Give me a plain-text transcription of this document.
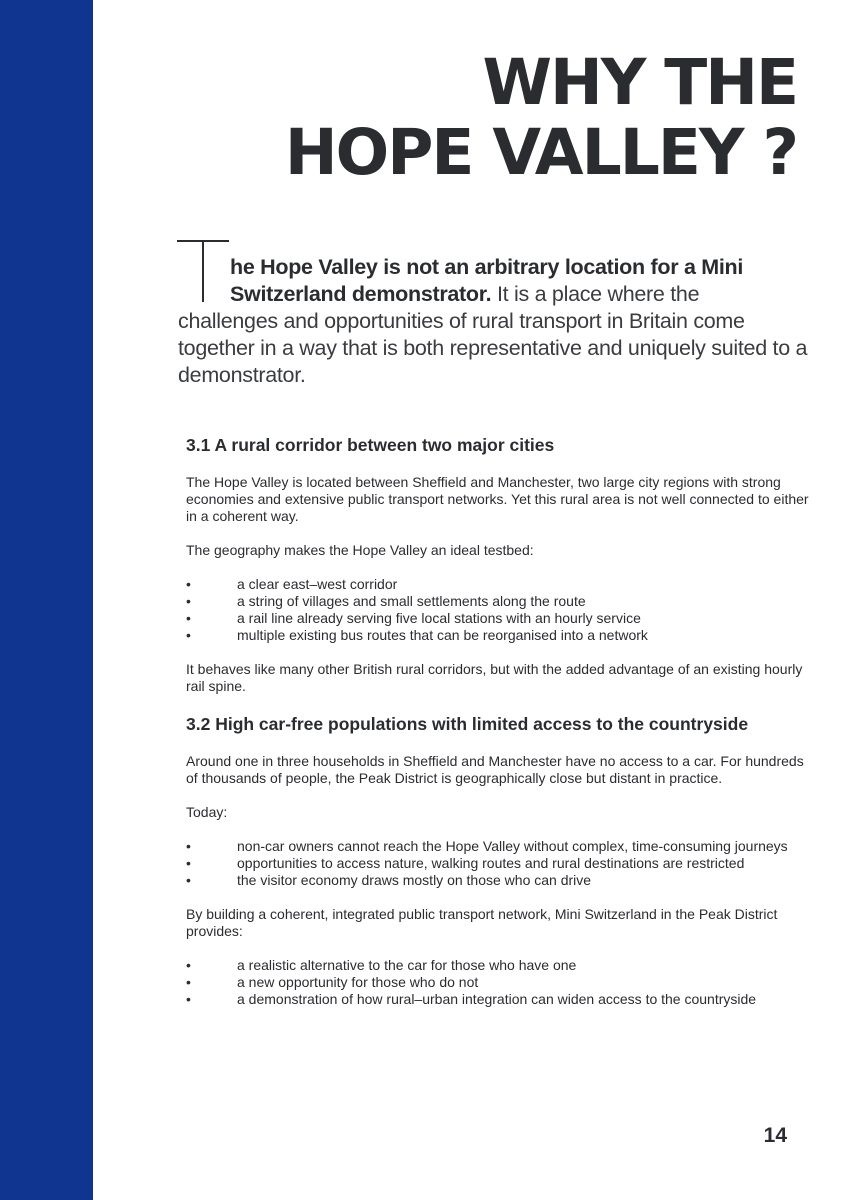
WHY THE
HOPE VALLEY ?

he Hope Valley is not an arbitrary location for a Mini
Switzerland demonstrator. It is a place where the
challenges and opportunities of rural transport in Britain come together in a way that is both representative and uniquely suited to a demonstrator.

3.1 A rural corridor between two major cities

The Hope Valley is located between Sheffield and Manchester, two large city regions with strong economies and extensive public transport networks. Yet this rural area is not well connected to either in a coherent way.

The geography makes the Hope Valley an ideal testbed:

•	a clear east–west corridor
•	a string of villages and small settlements along the route
•	a rail line already serving five local stations with an hourly service
•	multiple existing bus routes that can be reorganised into a network

It behaves like many other British rural corridors, but with the added advantage of an existing hourly rail spine.

3.2 High car-free populations with limited access to the countryside

Around one in three households in Sheffield and Manchester have no access to a car. For hundreds of thousands of people, the Peak District is geographically close but distant in practice.

Today:

•	non-car owners cannot reach the Hope Valley without complex, time-consuming journeys
•	opportunities to access nature, walking routes and rural destinations are restricted
•	the visitor economy draws mostly on those who can drive

By building a coherent, integrated public transport network, Mini Switzerland in the Peak District provides:

•	a realistic alternative to the car for those who have one
•	a new opportunity for those who do not
•	a demonstration of how rural–urban integration can widen access to the countryside
14
